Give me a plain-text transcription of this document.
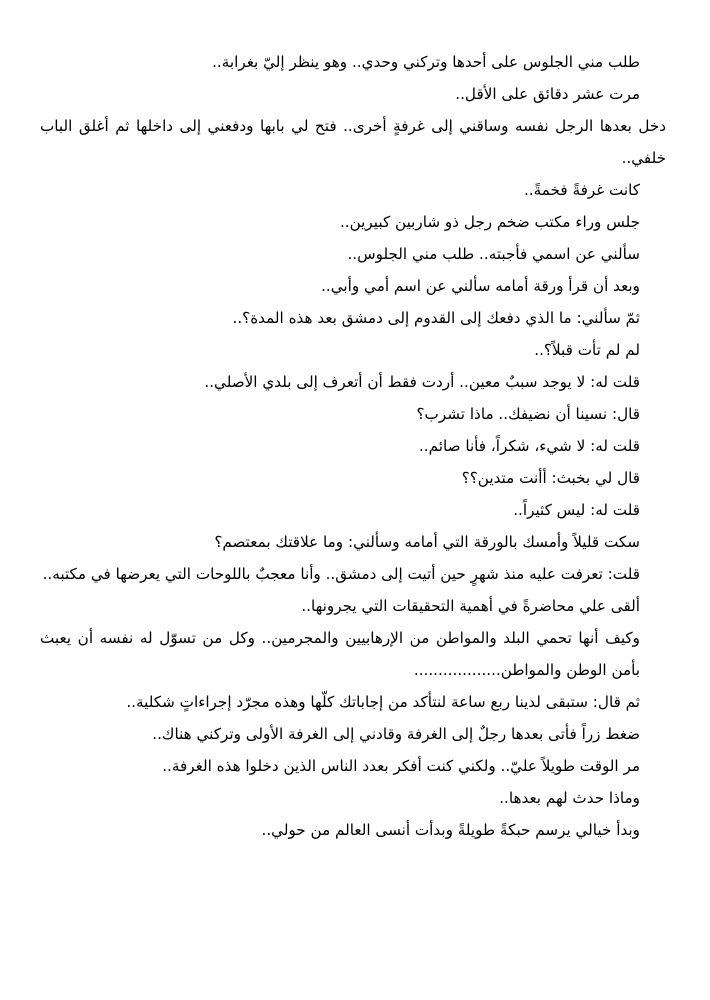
طلب مني الجلوس على أحدها وتركني وحدي.. وهو ينظر إليّ بغرابة..

مرت عشر دقائق على الأقل..

دخل بعدها الرجل نفسه وساقني إلى غرفةٍ أخرى.. فتح لي بابها ودفعني إلى داخلها ثم أغلق الباب خلفي..

كانت غرفةً فخمةً..

جلس وراء مكتب ضخم رجل ذو شاربين كبيرين..

سألني عن اسمي فأجبته.. طلب مني الجلوس..

وبعد أن قرأ ورقة أمامه سألني عن اسم أمي وأبي..

ثمّ سألني: ما الذي دفعك إلى القدوم إلى دمشق بعد هذه المدة؟..

لم لم تأت قبلاً؟..

قلت له: لا يوجد سببٌ معين.. أردت فقط أن أتعرف إلى بلدي الأصلي..

قال: نسينا أن نضيفك.. ماذا تشرب؟

قلت له: لا شيء، شكراً، فأنا صائم..

قال لي بخبث: أأنت متدين؟؟

قلت له: ليس كثيراً..

سكت قليلاً وأمسك بالورقة التي أمامه وسألني: وما علاقتك بمعتصم؟

قلت: تعرفت عليه منذ شهرٍ حين أتيت إلى دمشق.. وأنا معجبٌ باللوحات التي يعرضها في مكتبه..

ألقى علي محاضرةً في أهمية التحقيقات التي يجرونها..

وكيف أنها تحمي البلد والمواطن من الإرهابيين والمجرمين.. وكل من تسوّل له نفسه أن يعبث بأمن الوطن والمواطن..................

ثم قال: ستبقى لدينا ربع ساعة لنتأكد من إجاباتك كلّها وهذه مجرّد إجراءاتٍ شكلية..

ضغط زراً فأتى بعدها رجلٌ إلى الغرفة وقادني إلى الغرفة الأولى وتركني هناك..

مر الوقت طويلاً عليّ.. ولكني كنت أفكر بعدد الناس الذين دخلوا هذه الغرفة..

وماذا حدث لهم بعدها..

وبدأ خيالي يرسم حبكةً طويلةً وبدأت أنسى العالم من حولي..
